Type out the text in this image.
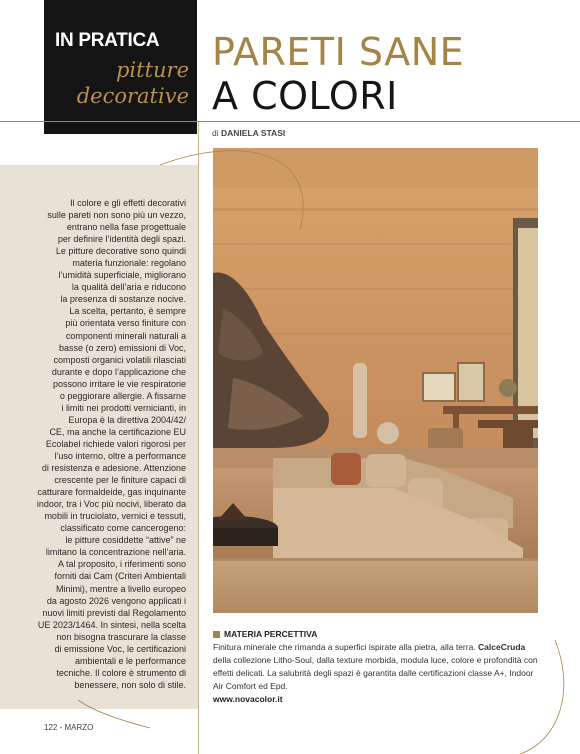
IN PRATICA
pitture
decorative
PARETI SANE
A COLORI
di DANIELA STASI
Il colore e gli effetti decorativi
sulle pareti non sono più un vezzo,
entrano nella fase progettuale
per definire l’identità degli spazi.
Le pitture decorative sono quindi
materia funzionale: regolano
l’umidità superficiale, migliorano
la qualità dell’aria e riducono
la presenza di sostanze nocive.
La scelta, pertanto, è sempre
più orientata verso finiture con
componenti minerali naturali a
basse (o zero) emissioni di Voc,
composti organici volatili rilasciati
durante e dopo l’applicazione che
possono irritare le vie respiratorie
o peggiorare allergie. A fissarne
i limiti nei prodotti vernicianti, in
Europa è la direttiva 2004/42/
CE, ma anche la certificazione EU
Ecolabel richiede valori rigorosi per
l’uso interno, oltre a performance
di resistenza e adesione. Attenzione
crescente per le finiture capaci di
catturare formaldeide, gas inquinante
indoor, tra i Voc più nocivi, liberato da
mobili in truciolato, vernici e tessuti,
classificato come cancerogeno:
le pitture cosiddette “attive” ne
limitano la concentrazione nell’aria.
A tal proposito, i riferimenti sono
forniti dai Cam (Criteri Ambientali
Minimi), mentre a livello europeo
da agosto 2026 vengono applicati i
nuovi limiti previsti dal Regolamento
UE 2023/1464. In sintesi, nella scelta
non bisogna trascurare la classe
di emissione Voc, le certificazioni
ambientali e le performance
tecniche. Il colore è strumento di
benessere, non solo di stile.
MATERIA PERCETTIVA
Finitura minerale che rimanda a superfici ispirate alla pietra, alla terra. CalceCruda della collezione Litho-Soul, dalla texture morbida, modula luce, colore e profondità con effetti delicati. La salubrità degli spazi è garantita dalle certificazioni classe A+, Indoor Air Comfort ed Epd.
www.novacolor.it
122 - MARZO
